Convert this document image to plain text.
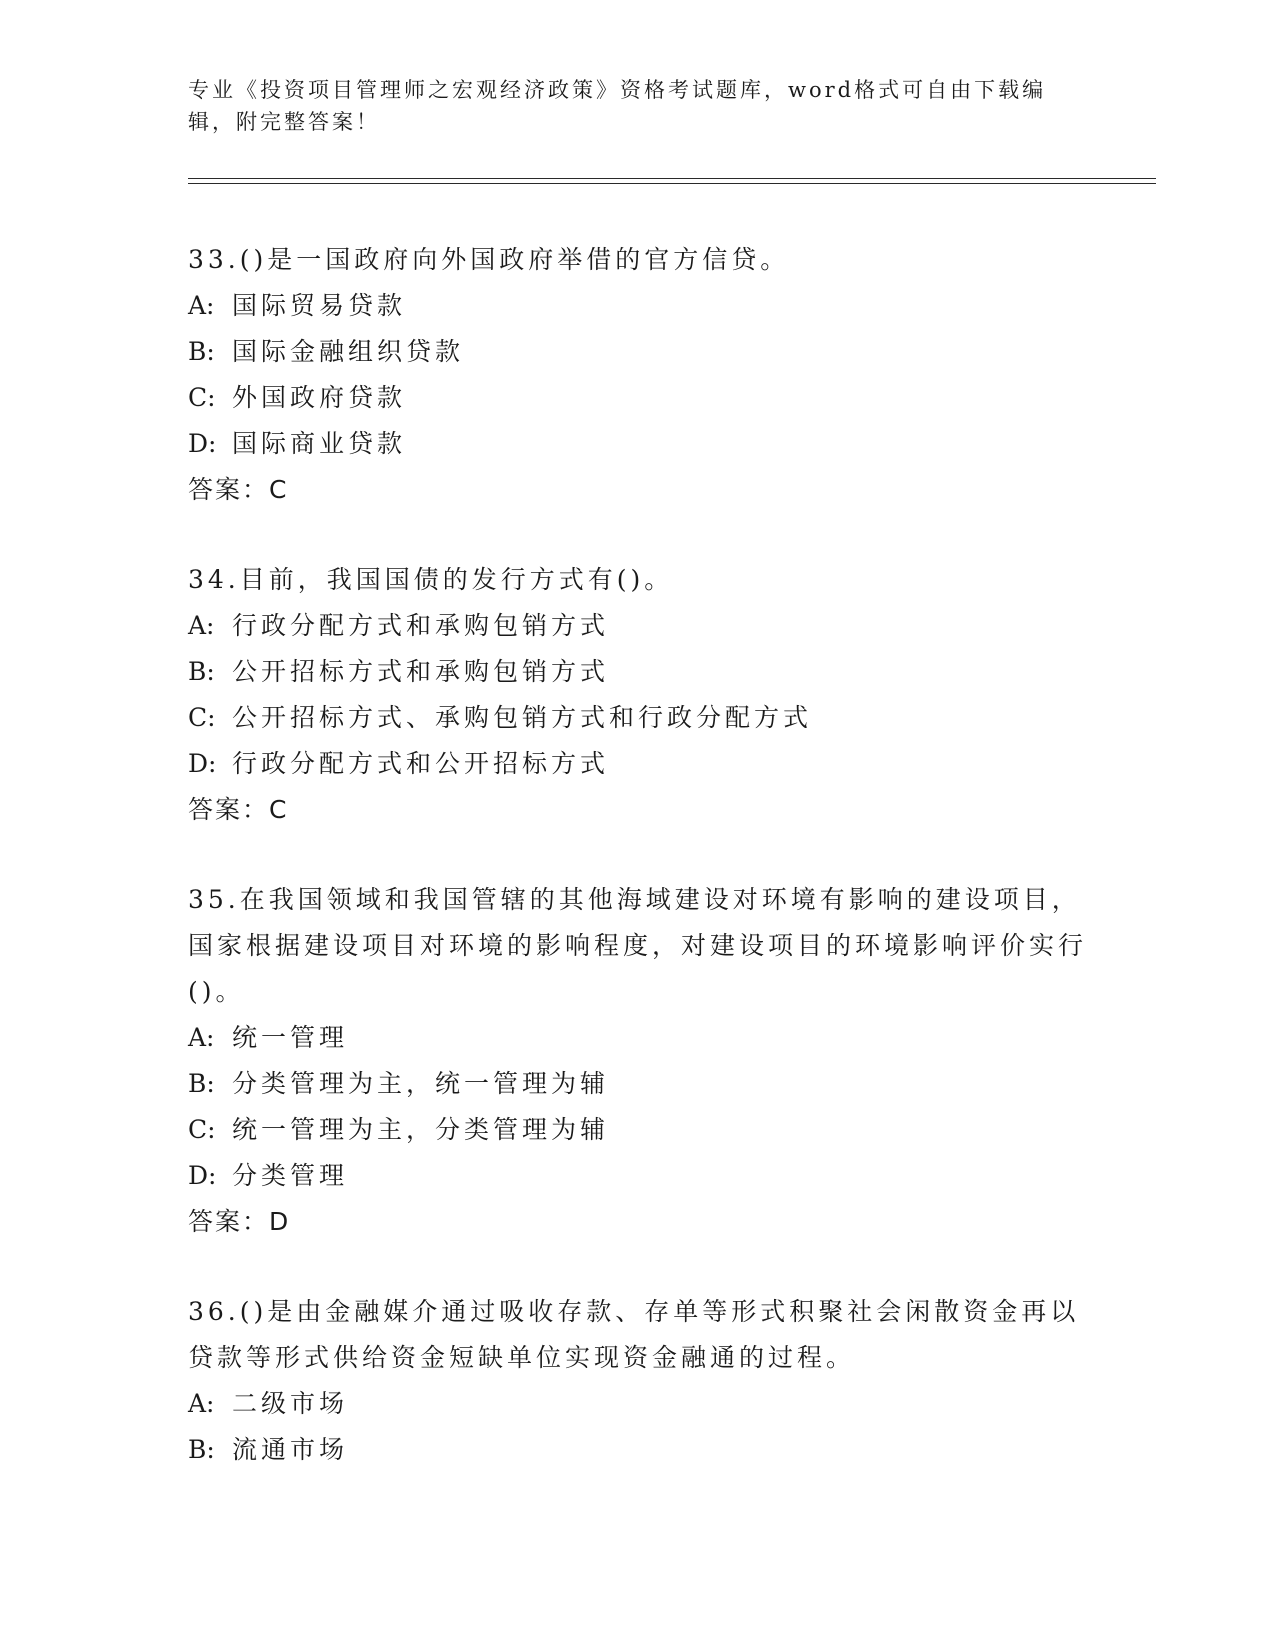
专业《投资项目管理师之宏观经济政策》资格考试题库，word格式可自由下载编辑，附完整答案！
33.()是一国政府向外国政府举借的官方信贷。
A: 国际贸易贷款
B: 国际金融组织贷款
C: 外国政府贷款
D: 国际商业贷款
答案：C
34.目前，我国国债的发行方式有()。
A: 行政分配方式和承购包销方式
B: 公开招标方式和承购包销方式
C: 公开招标方式、承购包销方式和行政分配方式
D: 行政分配方式和公开招标方式
答案：C
35.在我国领域和我国管辖的其他海域建设对环境有影响的建设项目，国家根据建设项目对环境的影响程度，对建设项目的环境影响评价实行()。
A: 统一管理
B: 分类管理为主，统一管理为辅
C: 统一管理为主，分类管理为辅
D: 分类管理
答案：D
36.()是由金融媒介通过吸收存款、存单等形式积聚社会闲散资金再以贷款等形式供给资金短缺单位实现资金融通的过程。
A: 二级市场
B: 流通市场
